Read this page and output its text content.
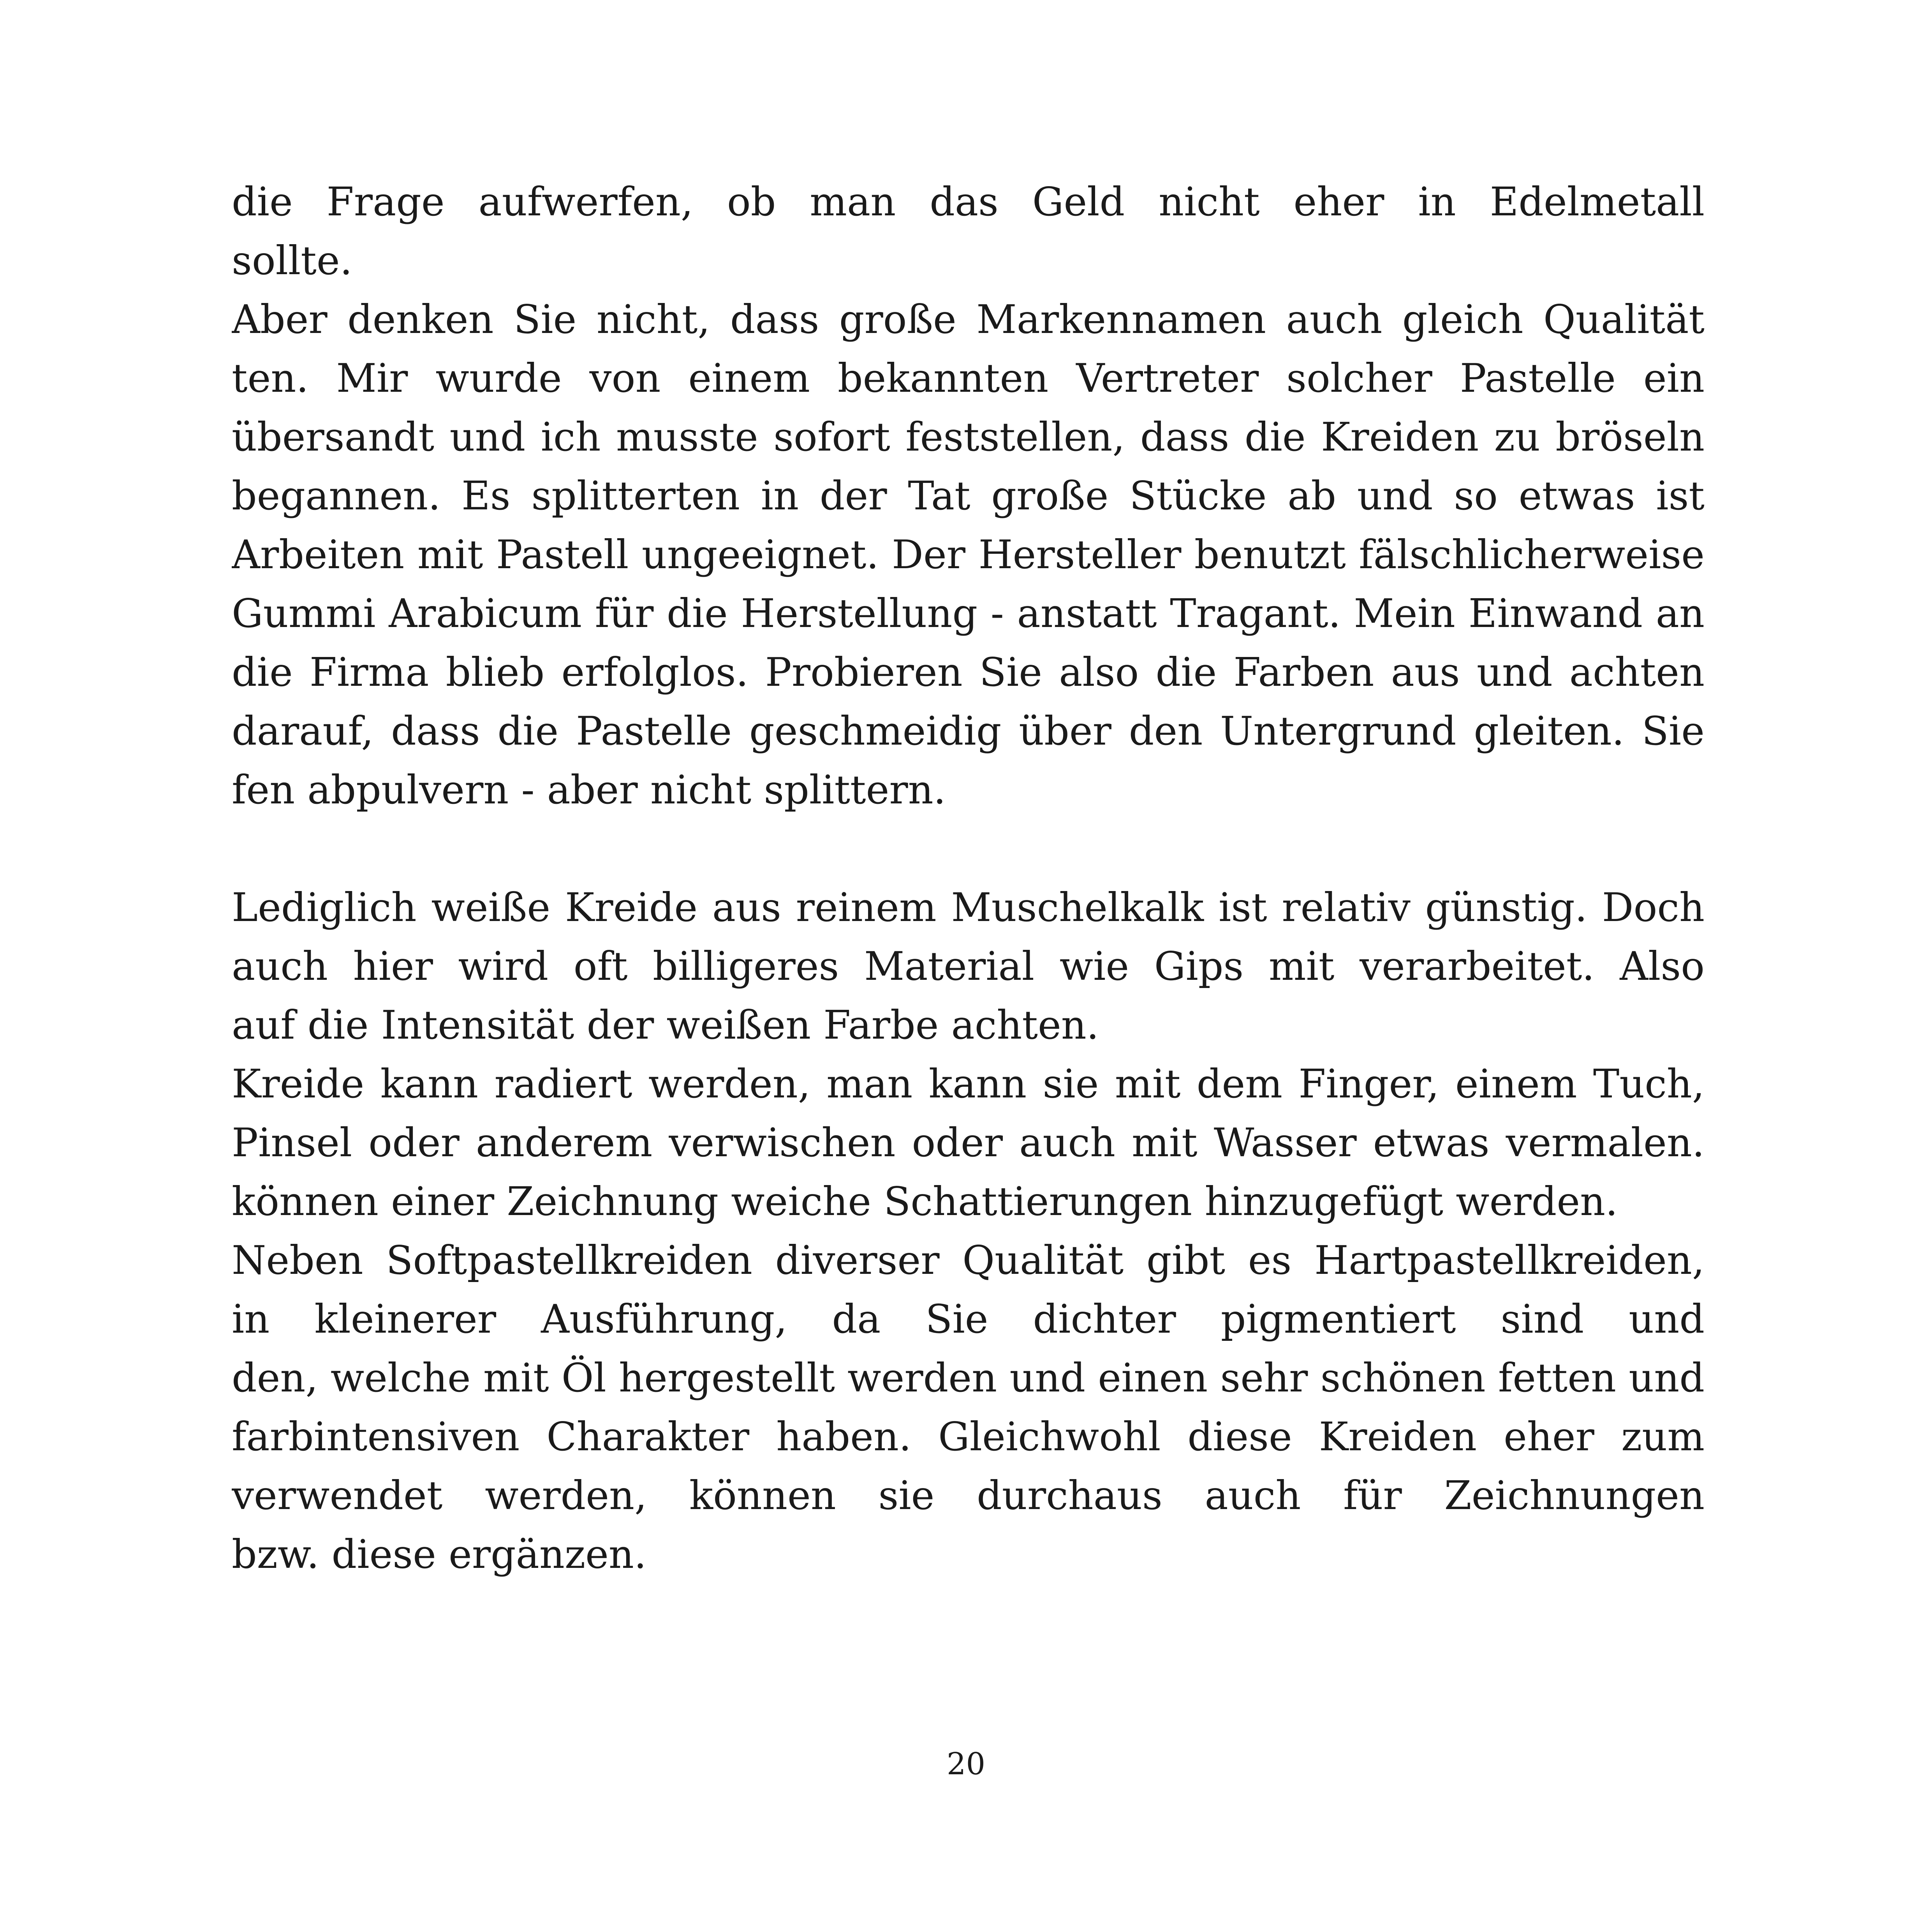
die Frage aufwerfen, ob man das Geld nicht eher in Edelmetall
sollte.
Aber denken Sie nicht, dass große Markennamen auch gleich Qualität
ten. Mir wurde von einem bekannten Vertreter solcher Pastelle ein
übersandt und ich musste sofort feststellen, dass die Kreiden zu bröseln
begannen. Es splitterten in der Tat große Stücke ab und so etwas ist
Arbeiten mit Pastell ungeeignet. Der Hersteller benutzt fälschlicherweise
Gummi Arabicum für die Herstellung - anstatt Tragant. Mein Einwand an
die Firma blieb erfolglos. Probieren Sie also die Farben aus und achten
darauf, dass die Pastelle geschmeidig über den Untergrund gleiten. Sie
fen abpulvern - aber nicht splittern.
Lediglich weiße Kreide aus reinem Muschelkalk ist relativ günstig. Doch
auch hier wird oft billigeres Material wie Gips mit verarbeitet. Also
auf die Intensität der weißen Farbe achten.
Kreide kann radiert werden, man kann sie mit dem Finger, einem Tuch,
Pinsel oder anderem verwischen oder auch mit Wasser etwas vermalen.
können einer Zeichnung weiche Schattierungen hinzugefügt werden.
Neben Softpastellkreiden diverser Qualität gibt es Hartpastellkreiden,
in kleinerer Ausführung, da Sie dichter pigmentiert sind und
den, welche mit Öl hergestellt werden und einen sehr schönen fetten und
farbintensiven Charakter haben. Gleichwohl diese Kreiden eher zum
verwendet werden, können sie durchaus auch für Zeichnungen
bzw. diese ergänzen.
20
